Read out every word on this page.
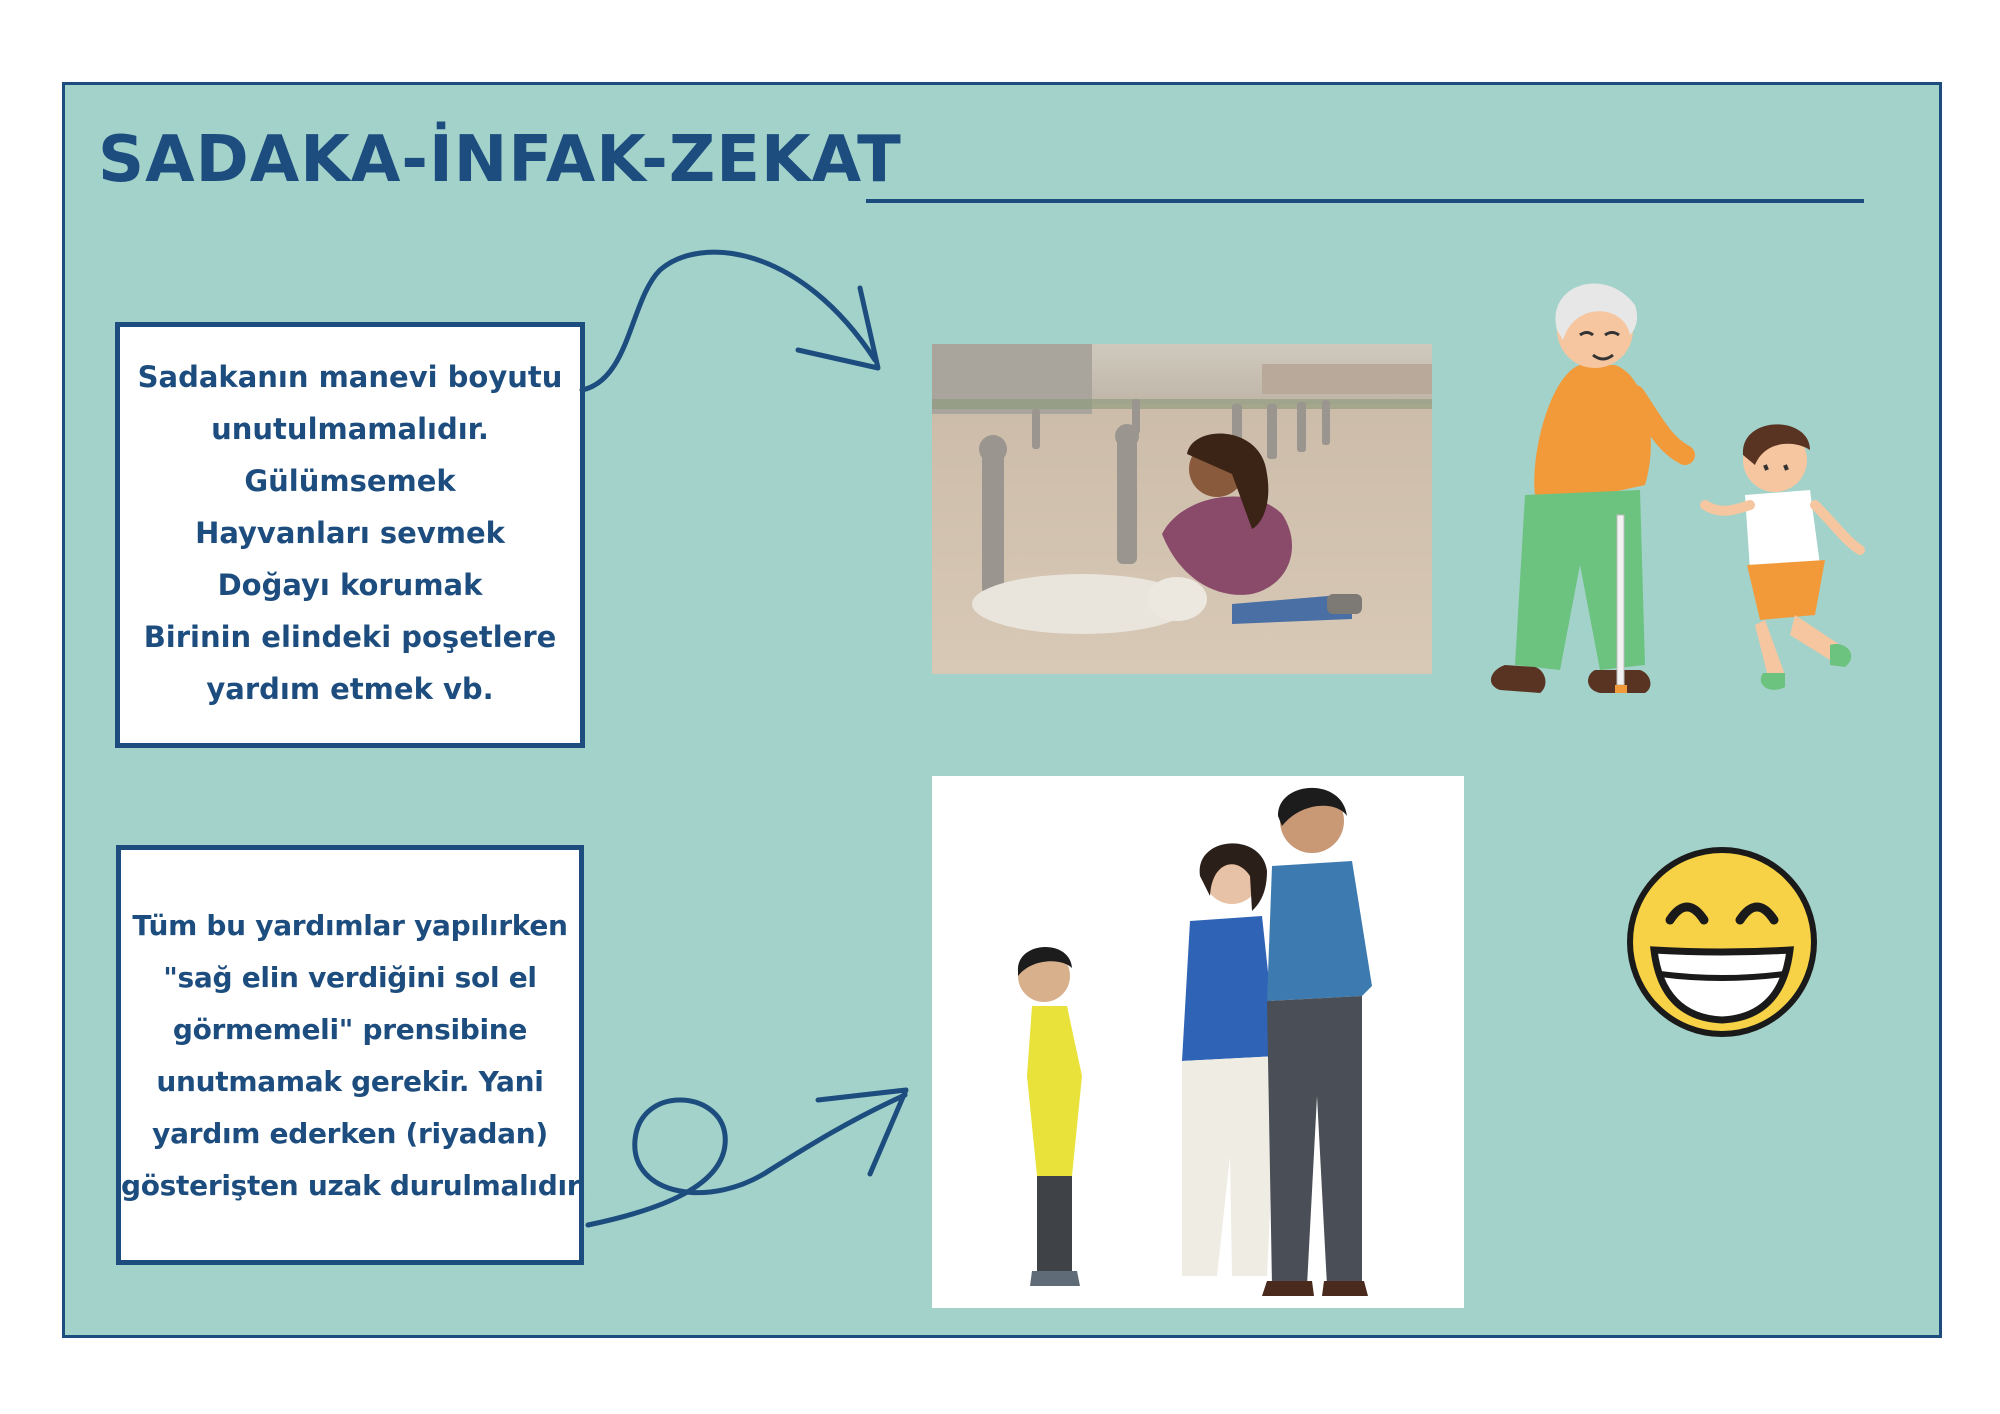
SADAKA-İNFAK-ZEKAT
Sadakanın manevi boyutu
unutulmamalıdır.
Gülümsemek
Hayvanları sevmek
Doğayı korumak
Birinin elindeki poşetlere
yardım etmek vb.
Tüm bu yardımlar yapılırken
"sağ elin verdiğini sol el
görmemeli" prensibine
unutmamak gerekir. Yani
yardım ederken (riyadan)
gösterişten uzak durulmalıdır.
